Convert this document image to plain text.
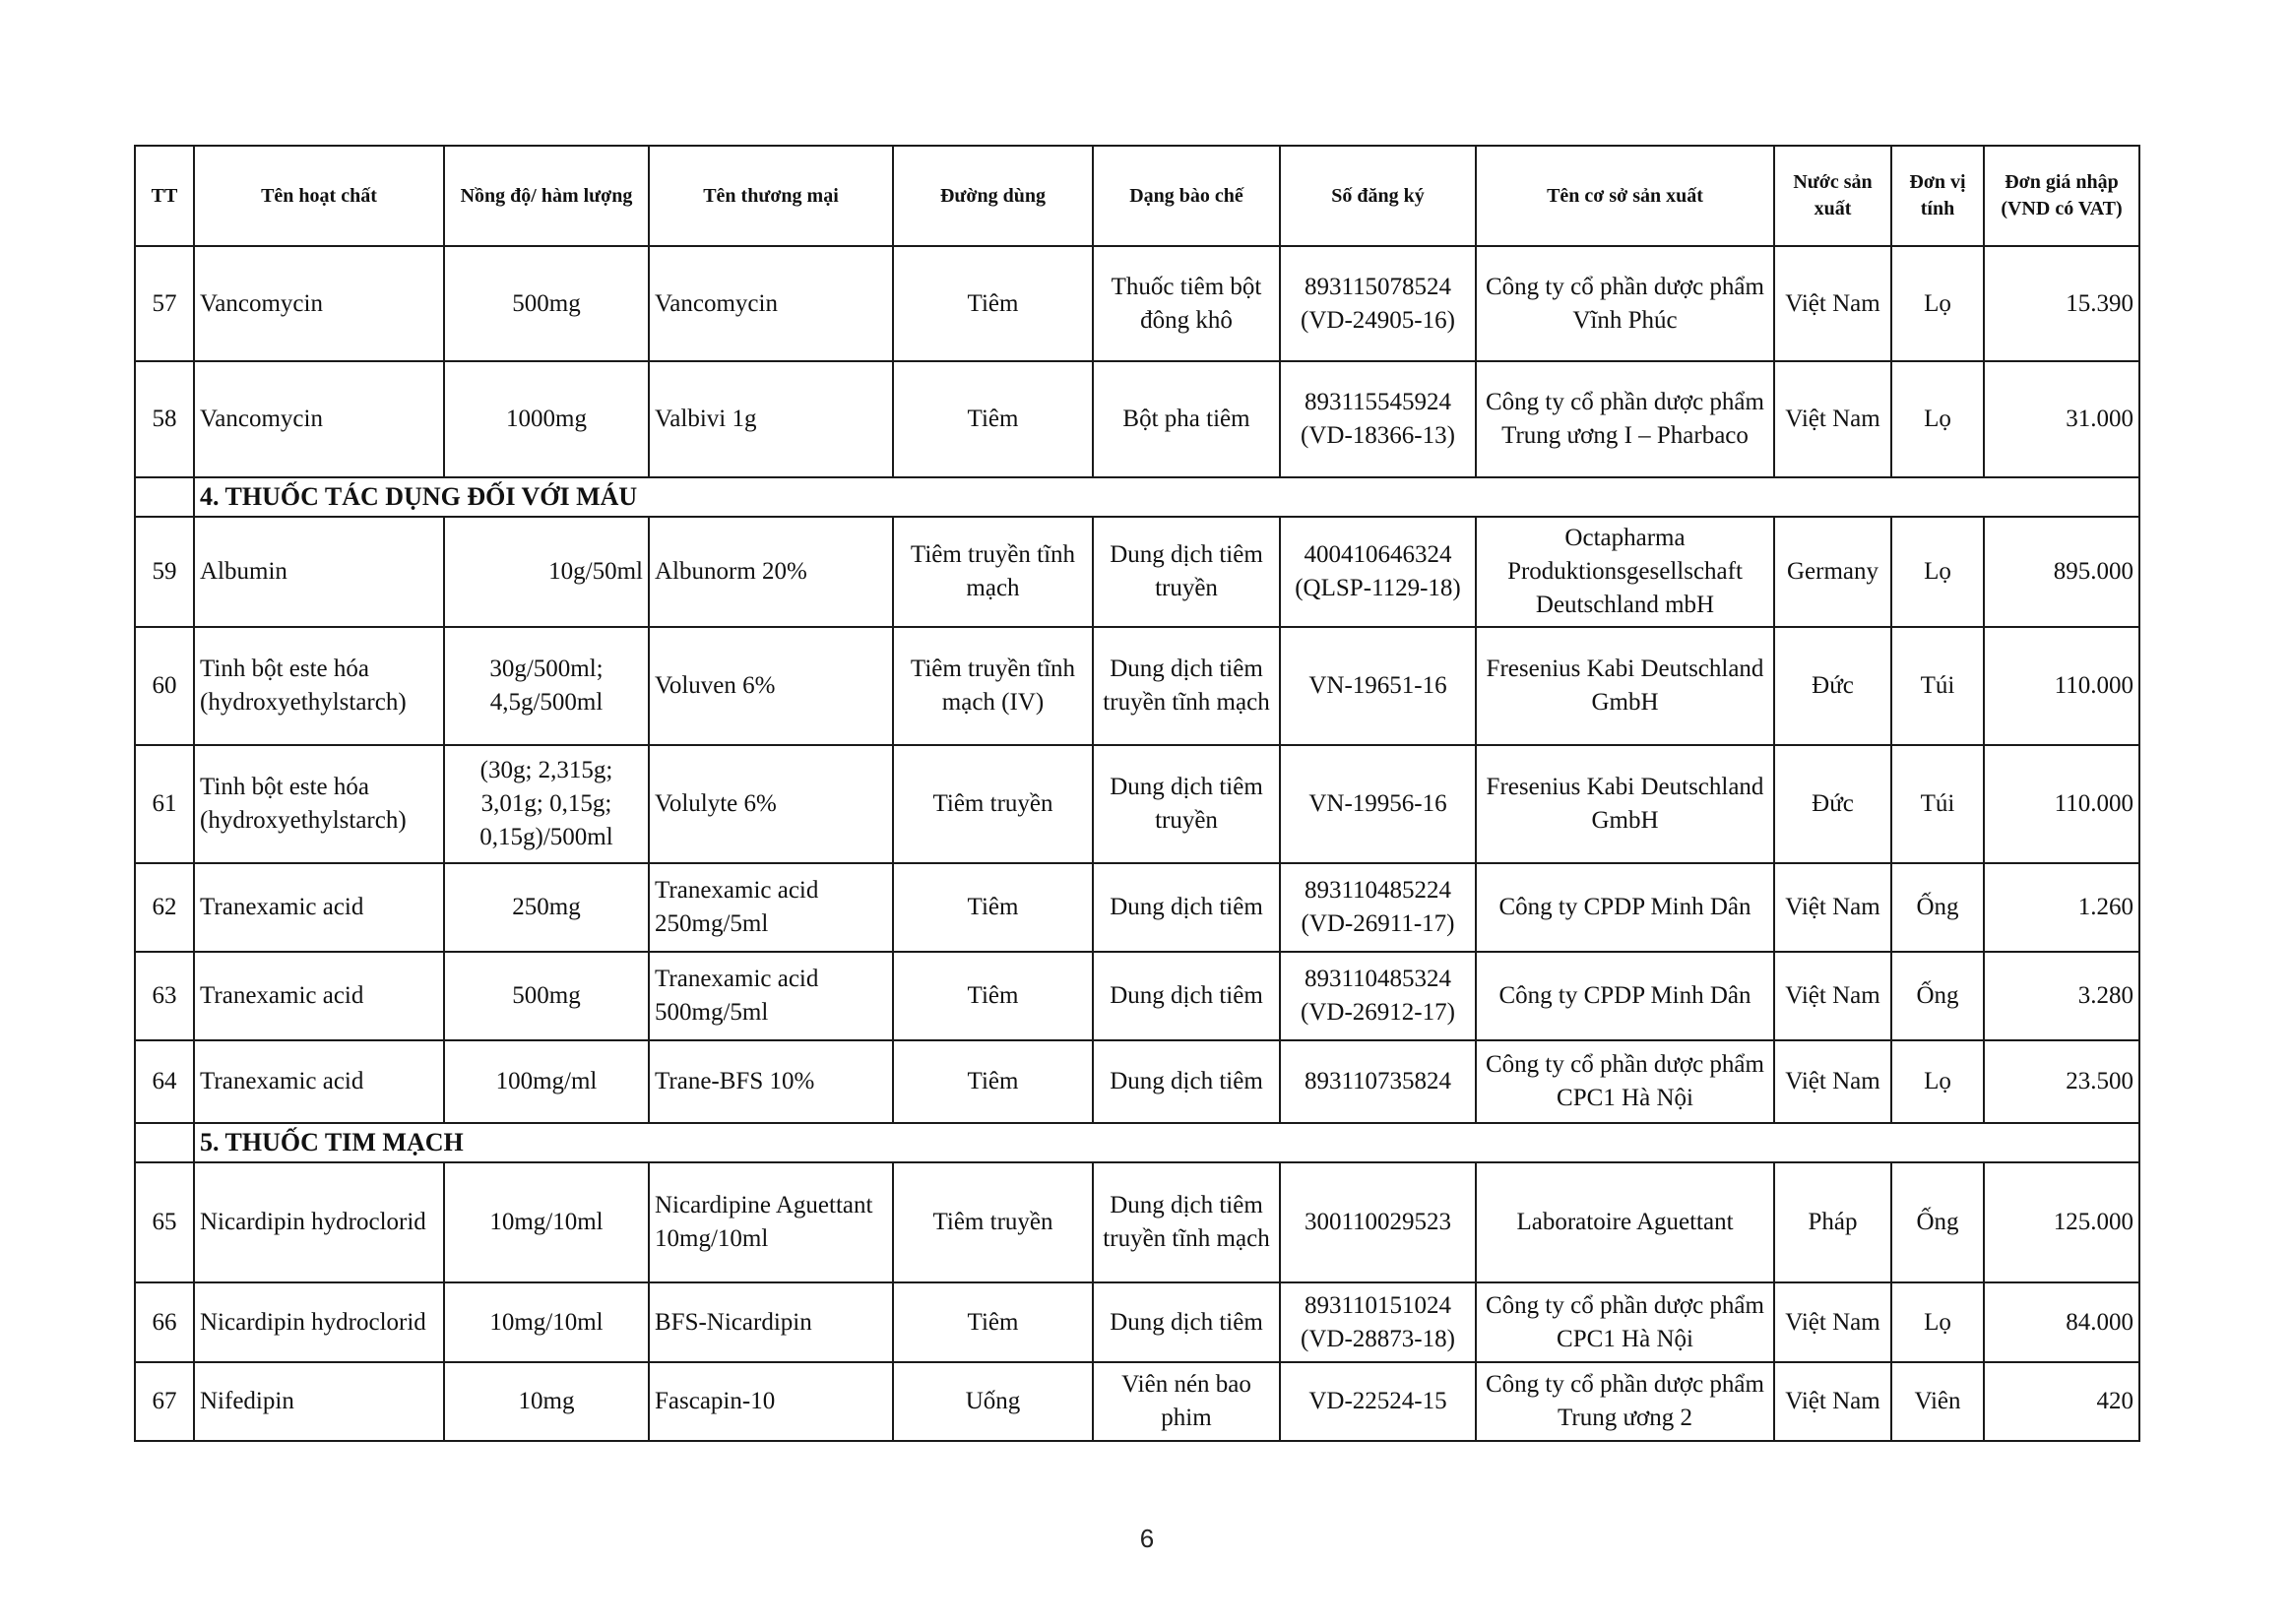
TT	Tên hoạt chất	Nồng độ/ hàm lượng	Tên thương mại	Đường dùng	Dạng bào chế	Số đăng ký	Tên cơ sở sản xuất	Nước sản xuất	Đơn vị tính	Đơn giá nhập (VND có VAT)
57	Vancomycin	500mg	Vancomycin	Tiêm	Thuốc tiêm bột đông khô	893115078524 (VD-24905-16)	Công ty cổ phần dược phẩm Vĩnh Phúc	Việt Nam	Lọ	15.390
58	Vancomycin	1000mg	Valbivi 1g	Tiêm	Bột pha tiêm	893115545924 (VD-18366-13)	Công ty cổ phần dược phẩm Trung ương I – Pharbaco	Việt Nam	Lọ	31.000
	4. THUỐC TÁC DỤNG ĐỐI VỚI MÁU									
59	Albumin	10g/50ml	Albunorm 20%	Tiêm truyền tĩnh mạch	Dung dịch tiêm truyền	400410646324 (QLSP-1129-18)	Octapharma Produktionsgesellschaft Deutschland mbH	Germany	Lọ	895.000
60	Tinh bột este hóa (hydroxyethylstarch)	30g/500ml; 4,5g/500ml	Voluven 6%	Tiêm truyền tĩnh mạch (IV)	Dung dịch tiêm truyền tĩnh mạch	VN-19651-16	Fresenius Kabi Deutschland GmbH	Đức	Túi	110.000
61	Tinh bột este hóa (hydroxyethylstarch)	(30g; 2,315g; 3,01g; 0,15g; 0,15g)/500ml	Volulyte 6%	Tiêm truyền	Dung dịch tiêm truyền	VN-19956-16	Fresenius Kabi Deutschland GmbH	Đức	Túi	110.000
62	Tranexamic acid	250mg	Tranexamic acid 250mg/5ml	Tiêm	Dung dịch tiêm	893110485224 (VD-26911-17)	Công ty CPDP Minh Dân	Việt Nam	Ống	1.260
63	Tranexamic acid	500mg	Tranexamic acid 500mg/5ml	Tiêm	Dung dịch tiêm	893110485324 (VD-26912-17)	Công ty CPDP Minh Dân	Việt Nam	Ống	3.280
64	Tranexamic acid	100mg/ml	Trane-BFS 10%	Tiêm	Dung dịch tiêm	893110735824	Công ty cổ phần dược phẩm CPC1 Hà Nội	Việt Nam	Lọ	23.500
	5. THUỐC TIM MẠCH									
65	Nicardipin hydroclorid	10mg/10ml	Nicardipine Aguettant 10mg/10ml	Tiêm truyền	Dung dịch tiêm truyền tĩnh mạch	300110029523	Laboratoire Aguettant	Pháp	Ống	125.000
66	Nicardipin hydroclorid	10mg/10ml	BFS-Nicardipin	Tiêm	Dung dịch tiêm	893110151024 (VD-28873-18)	Công ty cổ phần dược phẩm CPC1 Hà Nội	Việt Nam	Lọ	84.000
67	Nifedipin	10mg	Fascapin-10	Uống	Viên nén bao phim	VD-22524-15	Công ty cổ phần dược phẩm Trung ương 2	Việt Nam	Viên	420
6
